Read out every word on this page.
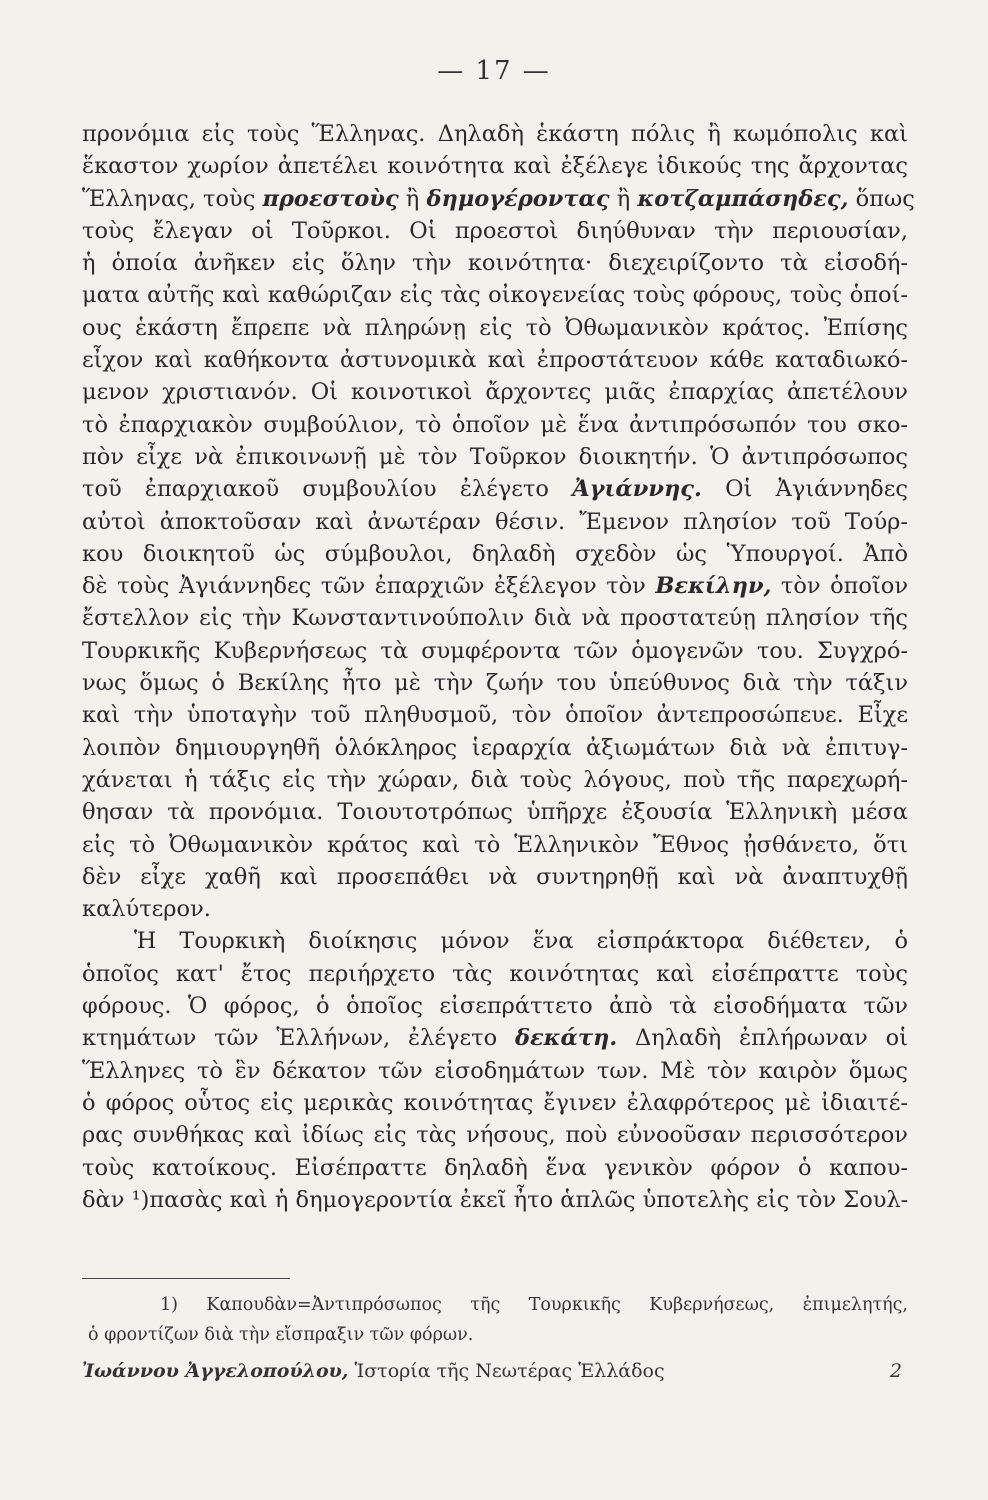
— 17 —
προνόμια εἰς τοὺς Ἕλληνας. Δηλαδὴ ἑκάστη πόλις ἢ κωμόπολις καὶ
ἕκαστον χωρίον ἀπετέλει κοινότητα καὶ ἐξέλεγε ἰδικούς της ἄρχοντας
Ἕλληνας, τοὺς προεστοὺς ἢ δημογέροντας ἢ κοτζαμπάσηδες, ὅπως
τοὺς ἔλεγαν οἱ Τοῦρκοι. Οἱ προεστοὶ διηύθυναν τὴν περιουσίαν,
ἡ ὁποία ἀνῆκεν εἰς ὅλην τὴν κοινότητα· διεχειρίζοντο τὰ εἰσοδή-
ματα αὐτῆς καὶ καθώριζαν εἰς τὰς οἰκογενείας τοὺς φόρους, τοὺς ὁποί-
ους ἑκάστη ἔπρεπε νὰ πληρώνῃ εἰς τὸ Ὀθωμανικὸν κράτος. Ἐπίσης
εἶχον καὶ καθήκοντα ἀστυνομικὰ καὶ ἐπροστάτευον κάθε καταδιωκό-
μενον χριστιανόν. Οἱ κοινοτικοὶ ἄρχοντες μιᾶς ἐπαρχίας ἀπετέλουν
τὸ ἐπαρχιακὸν συμβούλιον, τὸ ὁποῖον μὲ ἕνα ἀντιπρόσωπόν του σκο-
πὸν εἶχε νὰ ἐπικοινωνῇ μὲ τὸν Τοῦρκον διοικητήν. Ὁ ἀντιπρόσωπος
τοῦ ἐπαρχιακοῦ συμβουλίου ἐλέγετο Ἀγιάννης. Οἱ Ἀγιάννηδες
αὐτοὶ ἀποκτοῦσαν καὶ ἀνωτέραν θέσιν. Ἔμενον πλησίον τοῦ Τούρ-
κου διοικητοῦ ὡς σύμβουλοι, δηλαδὴ σχεδὸν ὡς Ὑπουργοί. Ἀπὸ
δὲ τοὺς Ἀγιάννηδες τῶν ἐπαρχιῶν ἐξέλεγον τὸν Βεκίλην, τὸν ὁποῖον
ἔστελλον εἰς τὴν Κωνσταντινούπολιν διὰ νὰ προστατεύῃ πλησίον τῆς
Τουρκικῆς Κυβερνήσεως τὰ συμφέροντα τῶν ὁμογενῶν του. Συγχρό-
νως ὅμως ὁ Βεκίλης ἦτο μὲ τὴν ζωήν του ὑπεύθυνος διὰ τὴν τάξιν
καὶ τὴν ὑποταγὴν τοῦ πληθυσμοῦ, τὸν ὁποῖον ἀντεπροσώπευε. Εἶχε
λοιπὸν δημιουργηθῆ ὁλόκληρος ἱεραρχία ἀξιωμάτων διὰ νὰ ἐπιτυγ-
χάνεται ἡ τάξις εἰς τὴν χώραν, διὰ τοὺς λόγους, ποὺ τῆς παρεχωρή-
θησαν τὰ προνόμια. Τοιουτοτρόπως ὑπῆρχε ἐξουσία Ἑλληνικὴ μέσα
εἰς τὸ Ὀθωμανικὸν κράτος καὶ τὸ Ἑλληνικὸν Ἔθνος ᾐσθάνετο, ὅτι
δὲν εἶχε χαθῆ καὶ προσεπάθει νὰ συντηρηθῇ καὶ νὰ ἀναπτυχθῇ
καλύτερον.
Ἡ Τουρκικὴ διοίκησις μόνον ἕνα εἰσπράκτορα διέθετεν, ὁ
ὁποῖος κατ' ἔτος περιήρχετο τὰς κοινότητας καὶ εἰσέπραττε τοὺς
φόρους. Ὁ φόρος, ὁ ὁποῖος εἰσεπράττετο ἀπὸ τὰ εἰσοδήματα τῶν
κτημάτων τῶν Ἑλλήνων, ἐλέγετο δεκάτη. Δηλαδὴ ἐπλήρωναν οἱ
Ἕλληνες τὸ ἓν δέκατον τῶν εἰσοδημάτων των. Μὲ τὸν καιρὸν ὅμως
ὁ φόρος οὗτος εἰς μερικὰς κοινότητας ἔγινεν ἐλαφρότερος μὲ ἰδιαιτέ-
ρας συνθήκας καὶ ἰδίως εἰς τὰς νήσους, ποὺ εὐνοοῦσαν περισσότερον
τοὺς κατοίκους. Εἰσέπραττε δηλαδὴ ἕνα γενικὸν φόρον ὁ καπου-
δὰν ¹)πασὰς καὶ ἡ δημογεροντία ἐκεῖ ἦτο ἁπλῶς ὑποτελὴς εἰς τὸν Σουλ-
1) Καπουδὰν=Ἀντιπρόσωπος τῆς Τουρκικῆς Κυβερνήσεως, ἐπιμελητής,
ὁ φροντίζων διὰ τὴν εἴσπραξιν τῶν φόρων.
Ἰωάννου Ἀγγελοπούλου, Ἱστορία τῆς Νεωτέρας Ἑλλάδος	2
